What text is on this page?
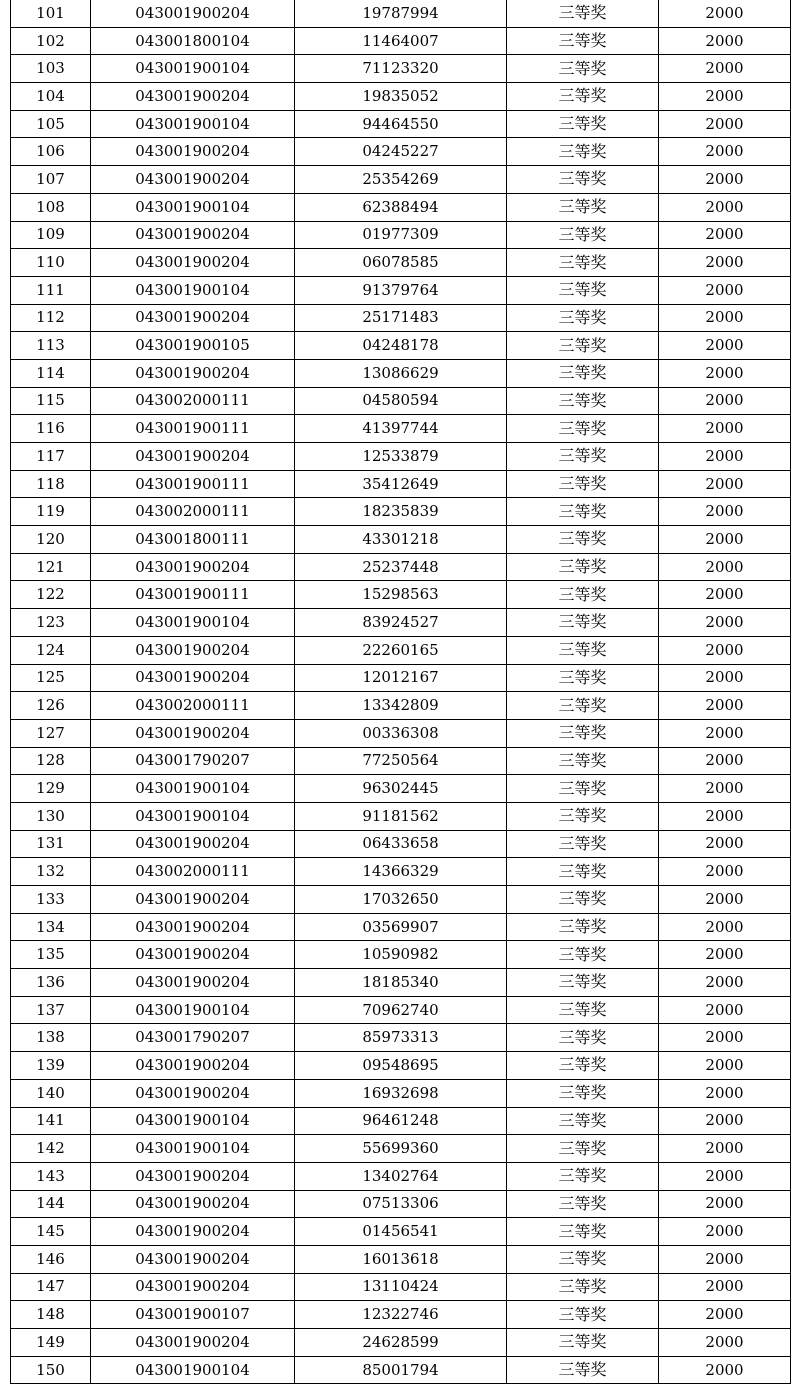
101	043001900204	19787994	三等奖	2000
102	043001800104	11464007	三等奖	2000
103	043001900104	71123320	三等奖	2000
104	043001900204	19835052	三等奖	2000
105	043001900104	94464550	三等奖	2000
106	043001900204	04245227	三等奖	2000
107	043001900204	25354269	三等奖	2000
108	043001900104	62388494	三等奖	2000
109	043001900204	01977309	三等奖	2000
110	043001900204	06078585	三等奖	2000
111	043001900104	91379764	三等奖	2000
112	043001900204	25171483	三等奖	2000
113	043001900105	04248178	三等奖	2000
114	043001900204	13086629	三等奖	2000
115	043002000111	04580594	三等奖	2000
116	043001900111	41397744	三等奖	2000
117	043001900204	12533879	三等奖	2000
118	043001900111	35412649	三等奖	2000
119	043002000111	18235839	三等奖	2000
120	043001800111	43301218	三等奖	2000
121	043001900204	25237448	三等奖	2000
122	043001900111	15298563	三等奖	2000
123	043001900104	83924527	三等奖	2000
124	043001900204	22260165	三等奖	2000
125	043001900204	12012167	三等奖	2000
126	043002000111	13342809	三等奖	2000
127	043001900204	00336308	三等奖	2000
128	043001790207	77250564	三等奖	2000
129	043001900104	96302445	三等奖	2000
130	043001900104	91181562	三等奖	2000
131	043001900204	06433658	三等奖	2000
132	043002000111	14366329	三等奖	2000
133	043001900204	17032650	三等奖	2000
134	043001900204	03569907	三等奖	2000
135	043001900204	10590982	三等奖	2000
136	043001900204	18185340	三等奖	2000
137	043001900104	70962740	三等奖	2000
138	043001790207	85973313	三等奖	2000
139	043001900204	09548695	三等奖	2000
140	043001900204	16932698	三等奖	2000
141	043001900104	96461248	三等奖	2000
142	043001900104	55699360	三等奖	2000
143	043001900204	13402764	三等奖	2000
144	043001900204	07513306	三等奖	2000
145	043001900204	01456541	三等奖	2000
146	043001900204	16013618	三等奖	2000
147	043001900204	13110424	三等奖	2000
148	043001900107	12322746	三等奖	2000
149	043001900204	24628599	三等奖	2000
150	043001900104	85001794	三等奖	2000
